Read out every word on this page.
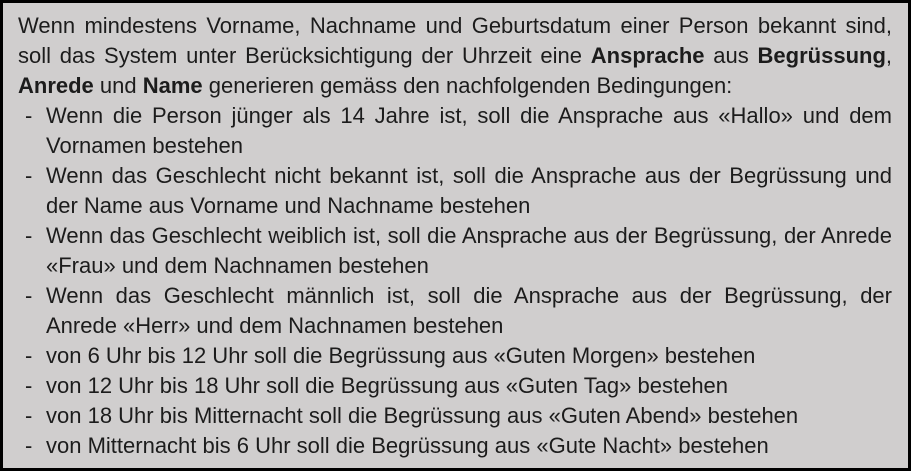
Wenn mindestens Vorname, Nachname und Geburtsdatum einer Person bekannt sind, soll das System unter Berücksichtigung der Uhrzeit eine Ansprache aus Begrüssung, Anrede und Name generieren gemäss den nachfolgenden Bedingungen:

- Wenn die Person jünger als 14 Jahre ist, soll die Ansprache aus «Hallo» und dem Vornamen bestehen
- Wenn das Geschlecht nicht bekannt ist, soll die Ansprache aus der Begrüssung und der Name aus Vorname und Nachname bestehen
- Wenn das Geschlecht weiblich ist, soll die Ansprache aus der Begrüssung, der Anrede «Frau» und dem Nachnamen bestehen
- Wenn das Geschlecht männlich ist, soll die Ansprache aus der Begrüssung, der Anrede «Herr» und dem Nachnamen bestehen
- von 6 Uhr bis 12 Uhr soll die Begrüssung aus «Guten Morgen» bestehen
- von 12 Uhr bis 18 Uhr soll die Begrüssung aus «Guten Tag» bestehen
- von 18 Uhr bis Mitternacht soll die Begrüssung aus «Guten Abend» bestehen
- von Mitternacht bis 6 Uhr soll die Begrüssung aus «Gute Nacht» bestehen
